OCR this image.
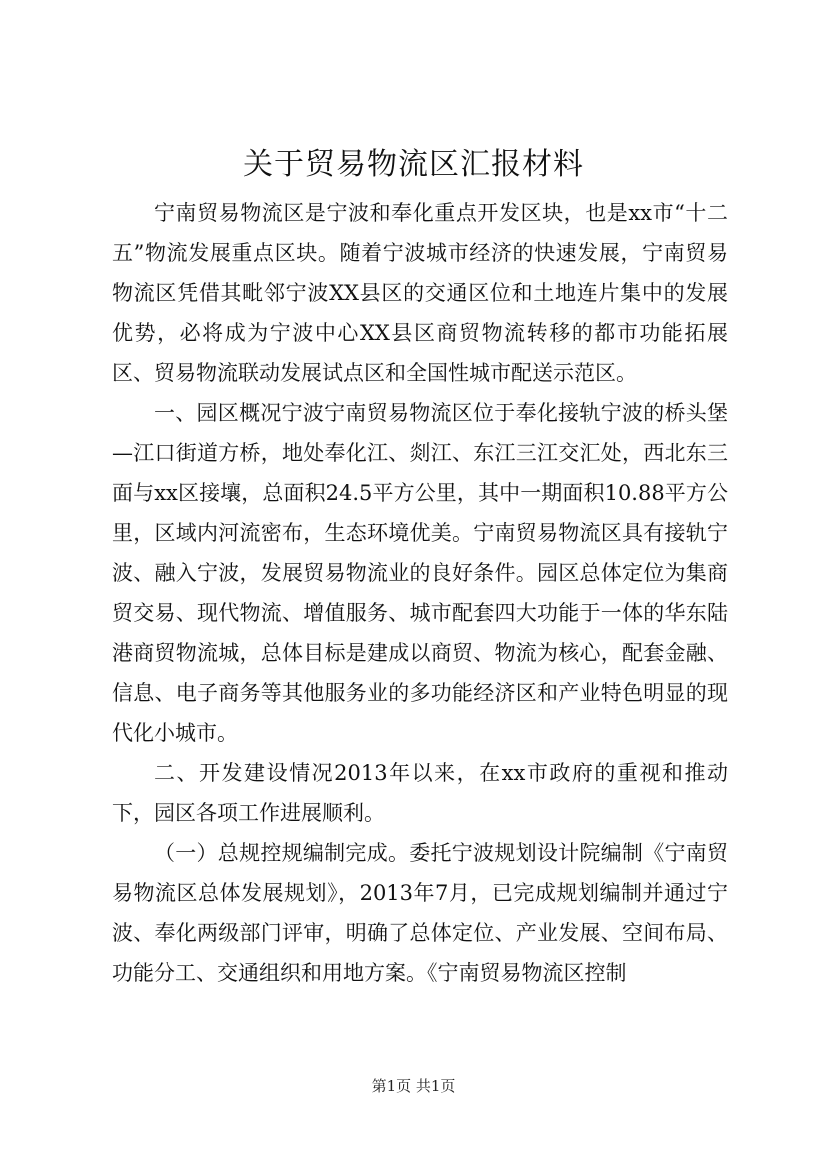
关于贸易物流区汇报材料

宁南贸易物流区是宁波和奉化重点开发区块，也是xx市“十二五”物流发展重点区块。随着宁波城市经济的快速发展，宁南贸易物流区凭借其毗邻宁波XX县区的交通区位和土地连片集中的发展优势，必将成为宁波中心XX县区商贸物流转移的都市功能拓展区、贸易物流联动发展试点区和全国性城市配送示范区。

一、园区概况宁波宁南贸易物流区位于奉化接轨宁波的桥头堡—江口街道方桥，地处奉化江、剡江、东江三江交汇处，西北东三面与xx区接壤，总面积24.5平方公里，其中一期面积10.88平方公里，区域内河流密布，生态环境优美。宁南贸易物流区具有接轨宁波、融入宁波，发展贸易物流业的良好条件。园区总体定位为集商贸交易、现代物流、增值服务、城市配套四大功能于一体的华东陆港商贸物流城，总体目标是建成以商贸、物流为核心，配套金融、信息、电子商务等其他服务业的多功能经济区和产业特色明显的现代化小城市。

二、开发建设情况2013年以来，在xx市政府的重视和推动下，园区各项工作进展顺利。

（一）总规控规编制完成。委托宁波规划设计院编制《宁南贸易物流区总体发展规划》，2013年7月，已完成规划编制并通过宁波、奉化两级部门评审，明确了总体定位、产业发展、空间布局、功能分工、交通组织和用地方案。《宁南贸易物流区控制

第1页 共1页
